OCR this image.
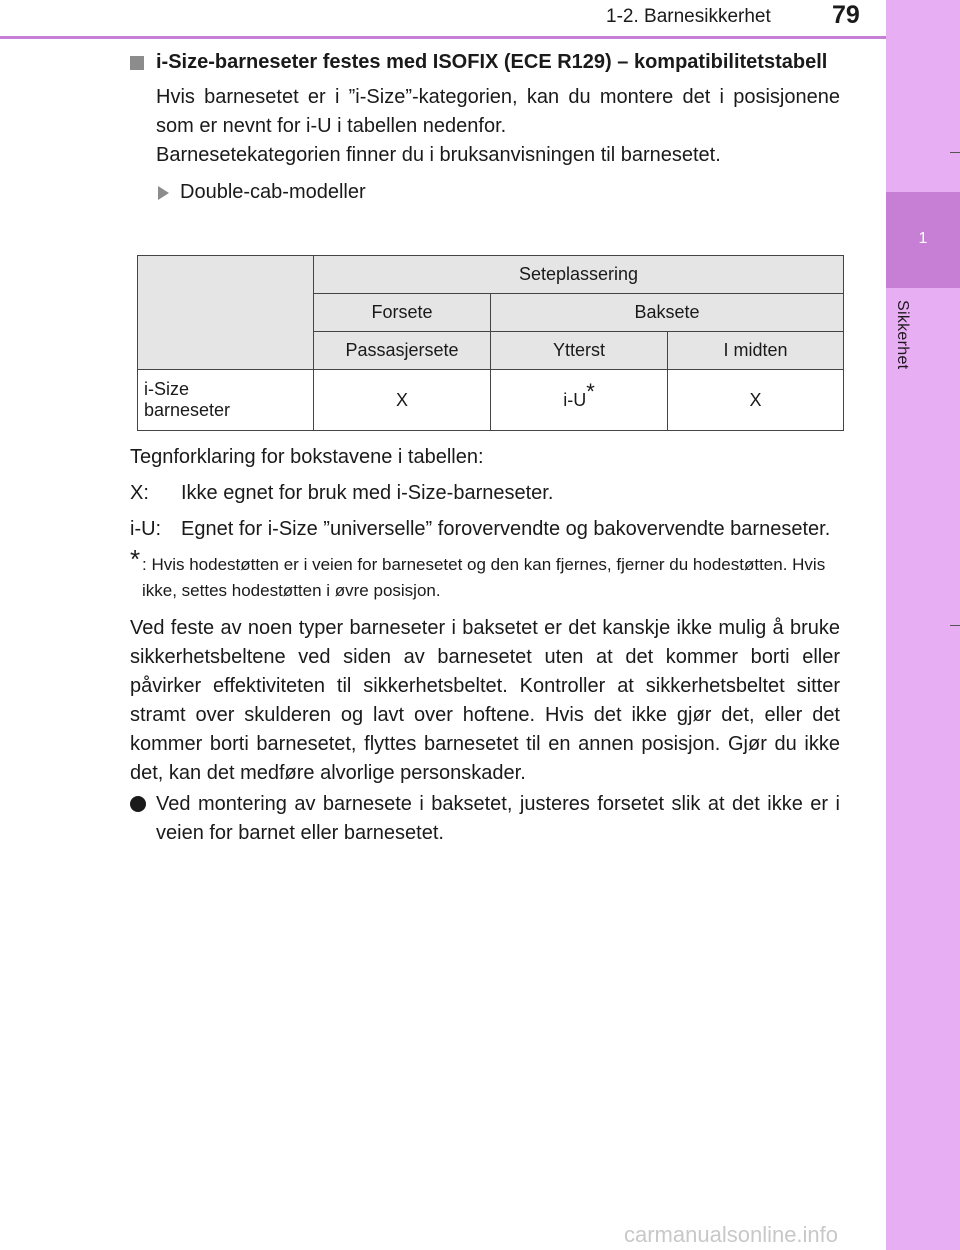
1-2. Barnesikkerhet 79
1
Sikkerhet
i-Size-barneseter festes med ISOFIX (ECE R129) – kompatibilitetstabell
Hvis barnesetet er i ”i-Size”-kategorien, kan du montere det i posisjonene som er nevnt for i-U i tabellen nedenfor.
Barnesetekategorien finner du i bruksanvisningen til barnesetet.
Double-cab-modeller
	Seteplassering		
	Forsete	Baksete	
	Passasjersete	Ytterst	I midten
i-Size
barneseter	X	i-U*	X
Tegnforklaring for bokstavene i tabellen:
X:	Ikke egnet for bruk med i-Size-barneseter.
i-U: Egnet for i-Size ”universelle” forovervendte og bakovervendte barneseter.
* : Hvis hodestøtten er i veien for barnesetet og den kan fjernes, fjerner du hodestøtten. Hvis ikke, settes hodestøtten i øvre posisjon.
Ved feste av noen typer barneseter i baksetet er det kanskje ikke mulig å bruke sikkerhetsbeltene ved siden av barnesetet uten at det kommer borti eller påvirker effektiviteten til sikkerhetsbeltet. Kontroller at sikkerhetsbeltet sitter stramt over skulderen og lavt over hoftene. Hvis det ikke gjør det, eller det kommer borti barnesetet, flyttes barnesetet til en annen posisjon. Gjør du ikke det, kan det medføre alvorlige personskader.
Ved montering av barnesete i baksetet, justeres forsetet slik at det ikke er i veien for barnet eller barnesetet.
carmanualsonline.info
